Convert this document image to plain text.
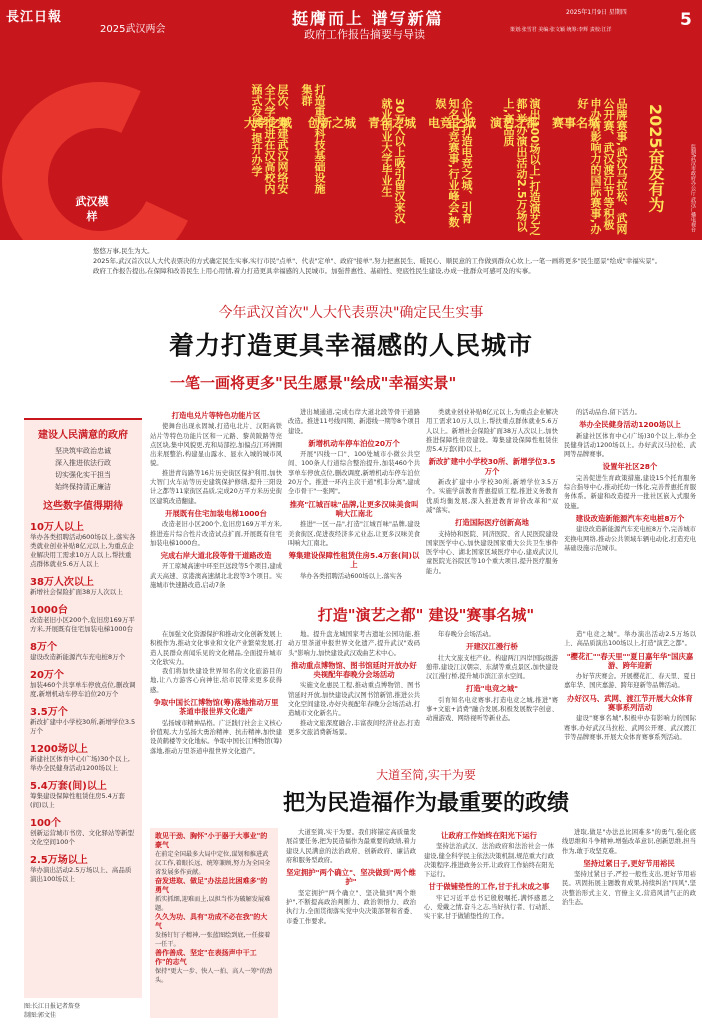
長江日報
2025武汉两会
挺膺而上 谱写新篇
政府工作报告摘要与导读
2025年1月9日 星期四
策划:张雪君 美编:张文颖 统筹:李辉 责校:江洋	5
大学之城 创新之城 青年之城 电竞之城 演艺之都 赛事名城
层次、筹建武汉网络安全大学推进在汉高校内涵式发展,提升办学	打造重大科技基础设施集群
30万人以上吸引留汉来汉就业创业大学毕业生	企业,打造电竞之城、引育知名电竞赛事,行业峰会,数娱	演出100场以上,打造演艺之都,举办演出活动2.5万场以上,高品质	品牌赛事,武汉马拉松、武网公开赛、武汉渡江节等积极申办有影响力的国际赛事,办好
武汉模样
2025奋发有为	监制/武汉市政府办公厅 武汉广播电视台

悠悠万事,民生为大。

2025年,武汉首次以人大代表票决的方式确定民生实事,实行市民"点单"、代表"定单"、政府"接单",努力把惠民生、暖民心、顺民意的工作做到群众心坎上,一笔一画将更多"民生愿景"绘成"幸福实景"。

政府工作报告提出,在保障和改善民生上用心用情,着力打造更具幸福感的人民城市。加强普惠性、基础性、兜底性民生建设,办成一批群众可感可及的实事。

今年武汉首次"人大代表票决"确定民生实事
着力打造更具幸福感的人民城市
一笔一画将更多"民生愿景"绘成"幸福实景"
建设人民满意的政府
坚决筑牢政治忠诚
深入推进依法行政
切实强化实干担当
始终保持清正廉洁
这些数字值得期待
10万人以上
举办各类招聘活动600场以上,落实各类就业创业补贴8亿元以上,为重点企业解决用工需求10万人以上,帮扶重点群体就业5.6万人以上
38万人次以上
新增社会保险扩面38万人次以上
1000台
改造老旧小区200个,危旧房169万平方米,开展既有住宅加装电梯1000台
8万个
建设改造新能源汽车充电桩8万个
20万个
加装460个共享单车停放点位,删改调度,新增机动车停车泊位20万个
3.5万个
新改扩建中小学校30所,新增学位3.5万个
1200场以上
新建社区体育中心(广场)30个以上,举办全民健身活动1200场以上
5.4万套(间)以上
筹集建设保障性租赁住房5.4万套(间)以上
100个
创新运营城市书房、文化驿站等新型文化空间100个
2.5万场以上
举办演出活动2.5万场以上、高品质演出100场以上
图:长江日报记者詹登
制图:郭文佳
打造电兑片等特色功能片区

使舞台出现永固城,打造电北片、汉阳高铁站片等特色功能片区和一元路、黎黄陂路等亮点区块,集中风貌更,充和局部控,加偏点江环洲圈出来展整治,构建显山露水、显水入城的城市风貌。

推进青岛路等16片历史街区保护利用,加快大智门火车站等历史建筑保护修缮,提升三阳设计之都等11家街区品质,完成20万平方米历史街区建筑改造翻建。

开展既有住宅加装电梯1000台

改造老旧小区200个,危旧房169万平方米,推进连片综合性片改造试点扩面,开展既有住宅加装电梯1000台。

完成右岸大道北段等骨干道路改造

开工琼城高速中环至巨远段等5个项目,建成武天高速、京港澳高速湖北北段等3个项目。实施城市快速路改造,启动7条

进出城通道,完成右岸大道北段等骨干道路改造。推进11号线四期、新港线一期等8个项目建设。

新增机动车停车泊位20万个

开展"四线一口"、100处城市小微公共空间、100条人行道综合整治提升,加装460个共享单车停放点位,删改调度,新增机动车停车泊位20万个。推进一环内主次干道"机非分离",建成全市骨干"一张网"。

推亮"江城百味"品牌,让更多汉味美食叫响大江南北

推进"一区一品",打造"江城百味"品牌,建设美食街区,促进夜经济多元业态,让更多汉味美食叫响大江南北。

筹集建设保障性租赁住房5.4万套(间)以上

举办各类招聘活动600场以上,落实各

类就业创业补贴8亿元以上,为重点企业解决用工需求10万人以上,帮扶重点群体就业5.6万人以上。新增社会保险扩面38万人次以上,加快推进保障性住房建设。筹集建设保障性租赁住房5.4万套(间)以上。

新改扩建中小学校30所、新增学位3.5万个

新改扩建中小学校30所,新增学位3.5万个。实施学前教育普惠提质工程,推进义务教育优质均衡发展,深入推进教育评价改革和"双减"落实。

打造国际医疗创新高地

支持协和医院、同济医院、省人民医院建设国家医学中心,加快建设国家重大公共卫生事件医学中心、湖北国家区域医疗中心,建成武汉儿童医院光谷院区等10个重大项目,提升医疗服务能力。

的活动品台,留下活力。

举办全民健身活动1200场以上

新建社区体育中心(广场)30个以上,举办全民健身活动1200场以上。办好武汉马拉松、武网等品牌赛事。

设置年社区28个

完善促进生育政策措施,建设15个托育服务综合指导中心,推动托幼一体化,完善普惠托育服务体系。新建和改造提升一批社区嵌入式服务设施。

建设改造新能源汽车充电桩8万个

建设改造新能源汽车充电桩8万个,完善城市充换电网络,推动公共领域车辆电动化,打造充电基础设施示范城市。

打造"演艺之都" 建设"赛事名城"

在加强文化资源保护和推动文化创新发展上积极作为,推动文化事业和文化产业繁荣发展,打造人民群众喜闻乐见的文化精品,全面提升城市文化软实力。

我们将加快建设世界知名的文化旅游目的地,让八方游客心向神往,给市民带来更多获得感。

争取中国长江博物馆(筹)落地推动万里茶道申报世界文化遗产

弘扬城市精神品格。广泛践行社会主义核心价值观,大力弘扬大勇治精神、抗击精神,加快建设黄鹤楼等文化地标。争取中国长江博物馆(筹)落地,推动万里茶道申报世界文化遗产。

地。提升盘龙城国家考古遗址公园功能,推动万里茶道申报世界文化遗产,提升武汉"戏码头"影响力,加快建设武汉戏曲艺术中心。

推动重点博物馆、图书馆延时开放办好央视配年春晚分会场活动

实施文化惠民工程,推动重点博物馆、图书馆延时开放,加快建设武汉图书馆新馆,推进公共文化空间建设,办好央视配年春晚分会场活动,打造城市文化新名片。

推动文旅深度融合,丰富夜间经济业态,打造更多文旅消费新场景。

年春晚分会场活动。

开建汉江漫行桥

壮大文旅支柱产业。构建两江四岸国际级游憩带,建设江汉朝宗、东湖等重点景区,加快建设汉江漫行桥,提升城市滨江亲水空间。

打造"电竞之城"

引育知名电竞赛事,打造电竞之城,推进"赛事+文旅+消费"融合发展,积极发展数字创意、动漫游戏、网络视听等新业态。

造"电竞之城"。举办演出活动2.5万场以上、高品质演出100场以上,打造"演艺之都"。

"樱花汇""春天里""夏日嘉年华"国庆嘉游、跨年迎新

办好节庆赛会。开展樱花汇、春天里、夏日嘉年华、国庆嘉游、跨年迎新等品牌活动。

办好汉马、武网、渡江节开展大众体育赛事系列活动

建设"赛事名城",积极申办有影响力的国际赛事,办好武汉马拉松、武网公开赛、武汉渡江节等品牌赛事,开展大众体育赛事系列活动。

大道至简,实干为要
把为民造福作为最重要的政绩
敢见干劲、胸怀"小于器于大事业"的豪气

在前定全国最多大局中定位,谋划和推进武汉工作,着眼长远、统筹兼顾,努力为全国全省发展多作贡献。

奋发进取、做足"办法总比困难多"的勇气

抓实抓细,迎难而上,以担当作为破解发展难题。

久久为功、具有"功成不必在我"的大气

发扬钉钉子精神,一张蓝图绘到底,一任接着一任干。

善作善成、坚定"在表扬声中干工作"的志气

保持"更大一步、快人一拍、高人一筹"的劲头。

大道至简,实干为要。我们将锚定高质量发展首要任务,把为民造福作为最重要的政绩,着力建设人民满意的法治政府、创新政府、廉洁政府和服务型政府。

坚定拥护"两个确立"、坚决做到"两个维护"

坚定拥护"两个确立"、坚决做到"两个维护",不断提高政治判断力、政治领悟力、政治执行力,全面贯彻落实党中央决策部署和省委、市委工作要求。

让政府工作始终在阳光下运行

坚持法治武汉、法治政府和法治社会一体建设,健全科学民主依法决策机制,规范重大行政决策程序,推进政务公开,让政府工作始终在阳光下运行。

甘于做铺垫性的工作,甘于扎末成之事

牢记习近平总书记殷殷嘱托,满怀感恩之心、爱戴之情,奋斗之志,当好执行者、行动派、实干家,甘于做铺垫性的工作。

进取,做足"办法总比困难多"的勇气,强化底线思维和斗争精神,增强改革意识,创新思维,担当作为,敢于攻坚克难。

坚持过紧日子,更好节用裕民

坚持过紧日子,严控一般性支出,更好节用裕民。巩固拓展主题教育成果,持续纠治"四风",坚决整治形式主义、官僚主义,营造风清气正的政治生态。
